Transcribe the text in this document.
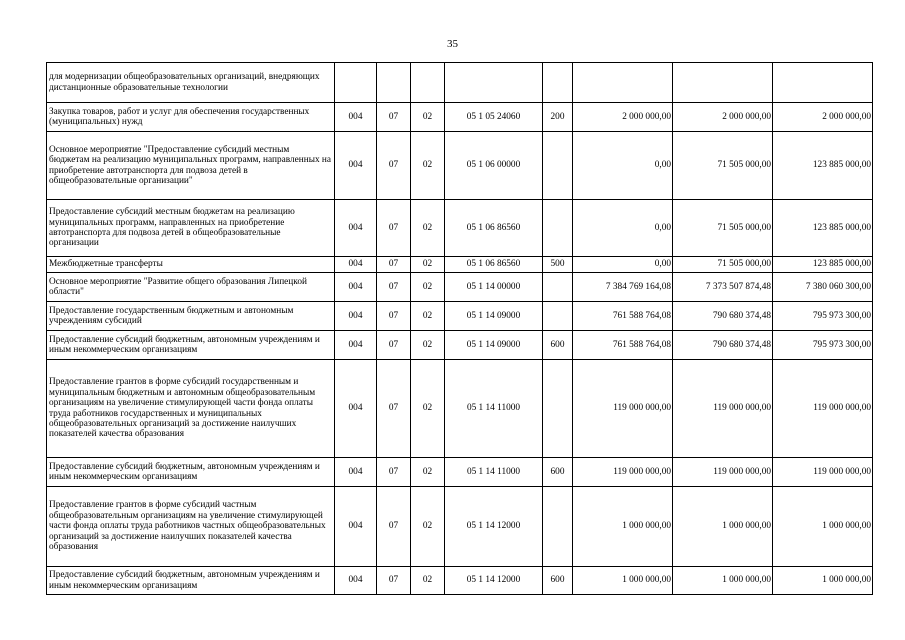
35
для модернизации общеобразовательных организаций, внедряющих дистанционные образовательные технологии								
Закупка товаров, работ и услуг для обеспечения государственных (муниципальных) нужд	004	07	02	05 1 05 24060	200	2 000 000,00	2 000 000,00	2 000 000,00
Основное мероприятие "Предоставление субсидий местным бюджетам на реализацию муниципальных программ, направленных на приобретение автотранспорта для подвоза детей в общеобразовательные организации"	004	07	02	05 1 06 00000		0,00	71 505 000,00	123 885 000,00
Предоставление субсидий местным бюджетам на реализацию муниципальных программ, направленных на приобретение автотранспорта для подвоза детей в общеобразовательные организации	004	07	02	05 1 06 86560		0,00	71 505 000,00	123 885 000,00
Межбюджетные трансферты	004	07	02	05 1 06 86560	500	0,00	71 505 000,00	123 885 000,00
Основное мероприятие "Развитие общего образования Липецкой области"	004	07	02	05 1 14 00000		7 384 769 164,08	7 373 507 874,48	7 380 060 300,00
Предоставление государственным бюджетным и автономным учреждениям субсидий	004	07	02	05 1 14 09000		761 588 764,08	790 680 374,48	795 973 300,00
Предоставление субсидий бюджетным, автономным учреждениям и иным некоммерческим организациям	004	07	02	05 1 14 09000	600	761 588 764,08	790 680 374,48	795 973 300,00
Предоставление грантов в форме субсидий государственным и муниципальным бюджетным и автономным общеобразовательным организациям на увеличение стимулирующей части фонда оплаты труда работников государственных и муниципальных общеобразовательных организаций за достижение наилучших показателей качества образования	004	07	02	05 1 14 11000		119 000 000,00	119 000 000,00	119 000 000,00
Предоставление субсидий бюджетным, автономным учреждениям и иным некоммерческим организациям	004	07	02	05 1 14 11000	600	119 000 000,00	119 000 000,00	119 000 000,00
Предоставление грантов в форме субсидий частным общеобразовательным организациям на увеличение стимулирующей части фонда оплаты труда работников частных общеобразовательных организаций за достижение наилучших показателей качества образования	004	07	02	05 1 14 12000		1 000 000,00	1 000 000,00	1 000 000,00
Предоставление субсидий бюджетным, автономным учреждениям и иным некоммерческим организациям	004	07	02	05 1 14 12000	600	1 000 000,00	1 000 000,00	1 000 000,00
